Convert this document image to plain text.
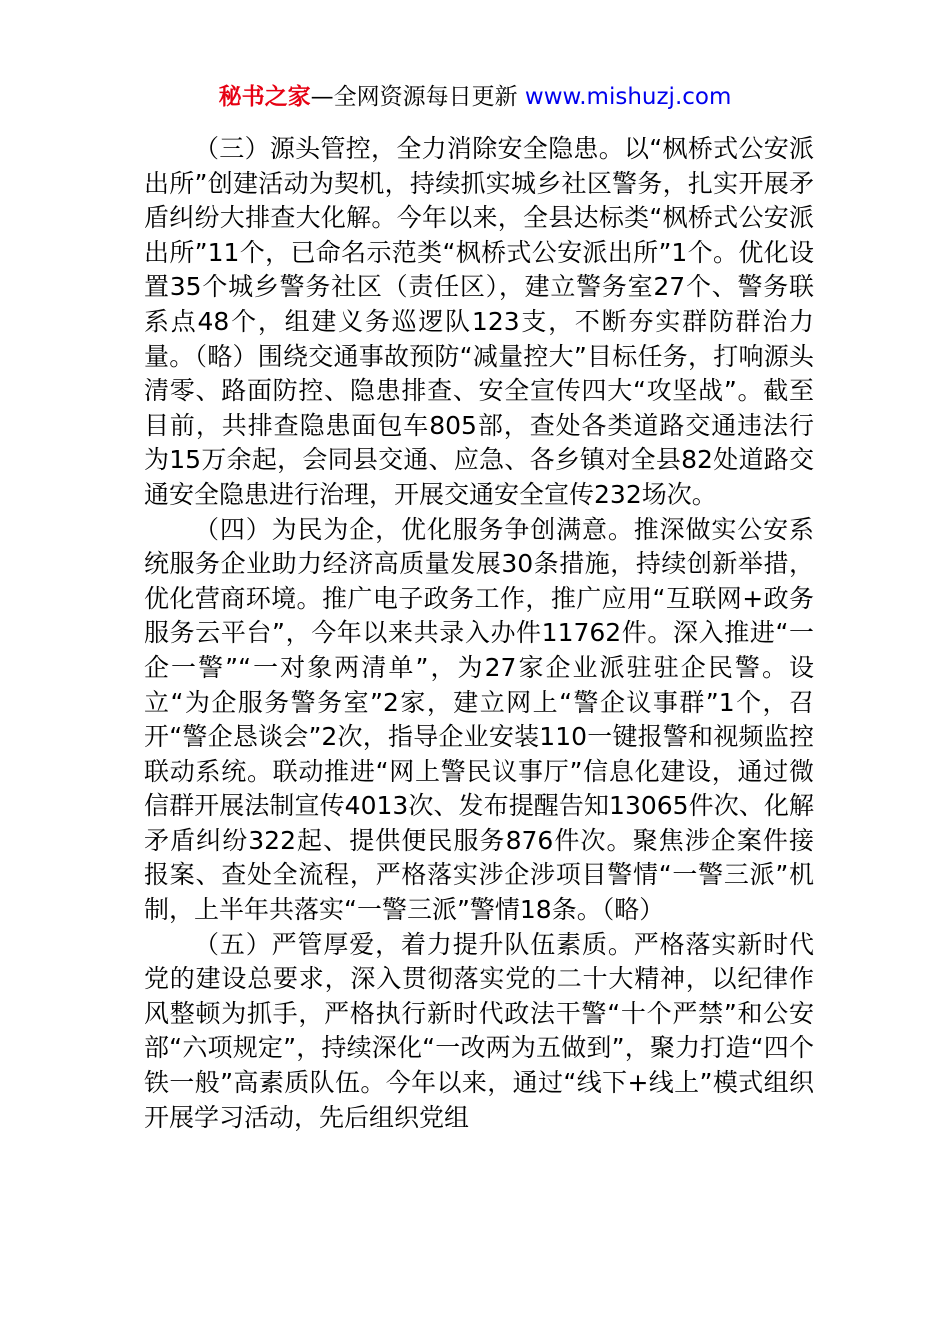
秘书之家—全网资源每日更新 www.mishuzj.com

（三）源头管控，全力消除安全隐患。以“枫桥式公安派出所”创建活动为契机，持续抓实城乡社区警务，扎实开展矛盾纠纷大排查大化解。今年以来，全县达标类“枫桥式公安派出所”11个，已命名示范类“枫桥式公安派出所”1个。优化设置35个城乡警务社区（责任区），建立警务室27个、警务联系点48个，组建义务巡逻队123支，不断夯实群防群治力量。（略）围绕交通事故预防“减量控大”目标任务，打响源头清零、路面防控、隐患排查、安全宣传四大“攻坚战”。截至目前，共排查隐患面包车805部，查处各类道路交通违法行为15万余起，会同县交通、应急、各乡镇对全县82处道路交通安全隐患进行治理，开展交通安全宣传232场次。

（四）为民为企，优化服务争创满意。推深做实公安系统服务企业助力经济高质量发展30条措施，持续创新举措，优化营商环境。推广电子政务工作，推广应用“互联网+政务服务云平台”，今年以来共录入办件11762件。深入推进“一企一警”“一对象两清单”，为27家企业派驻驻企民警。设立“为企服务警务室”2家，建立网上“警企议事群”1个，召开“警企恳谈会”2次，指导企业安装110一键报警和视频监控联动系统。联动推进“网上警民议事厅”信息化建设，通过微信群开展法制宣传4013次、发布提醒告知13065件次、化解矛盾纠纷322起、提供便民服务876件次。聚焦涉企案件接报案、查处全流程，严格落实涉企涉项目警情“一警三派”机制，上半年共落实“一警三派”警情18条。（略）

（五）严管厚爱，着力提升队伍素质。严格落实新时代党的建设总要求，深入贯彻落实党的二十大精神，以纪律作风整顿为抓手，严格执行新时代政法干警“十个严禁”和公安部“六项规定”，持续深化“一改两为五做到”，聚力打造“四个铁一般”高素质队伍。今年以来，通过“线下+线上”模式组织开展学习活动，先后组织党组
